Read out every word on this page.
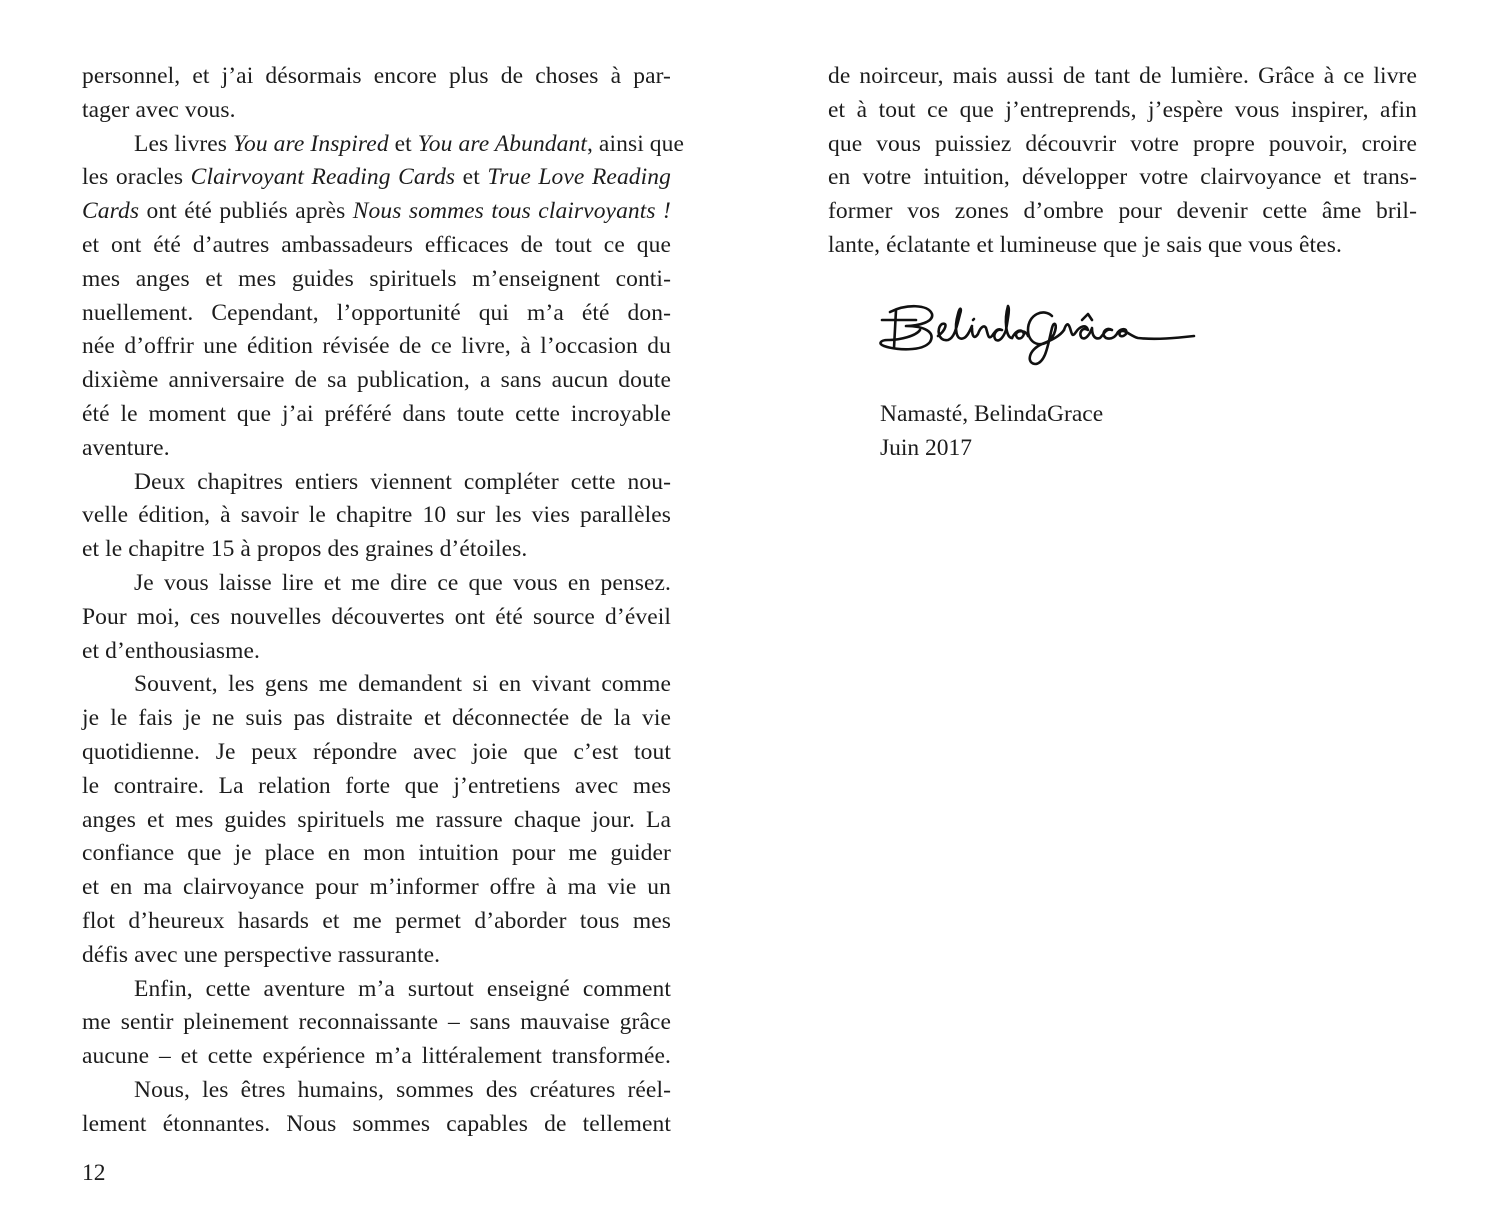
personnel, et j’ai désormais encore plus de choses à par-
tager avec vous.
Les livres You are Inspired et You are Abundant, ainsi que
les oracles Clairvoyant Reading Cards et True Love Reading
Cards ont été publiés après Nous sommes tous clairvoyants !
et ont été d’autres ambassadeurs efficaces de tout ce que
mes anges et mes guides spirituels m’enseignent conti-
nuellement. Cependant, l’opportunité qui m’a été don-
née d’offrir une édition révisée de ce livre, à l’occasion du
dixième anniversaire de sa publication, a sans aucun doute
été le moment que j’ai préféré dans toute cette incroyable
aventure.
Deux chapitres entiers viennent compléter cette nou-
velle édition, à savoir le chapitre 10 sur les vies parallèles
et le chapitre 15 à propos des graines d’étoiles.
Je vous laisse lire et me dire ce que vous en pensez.
Pour moi, ces nouvelles découvertes ont été source d’éveil
et d’enthousiasme.
Souvent, les gens me demandent si en vivant comme
je le fais je ne suis pas distraite et déconnectée de la vie
quotidienne. Je peux répondre avec joie que c’est tout
le contraire. La relation forte que j’entretiens avec mes
anges et mes guides spirituels me rassure chaque jour. La
confiance que je place en mon intuition pour me guider
et en ma clairvoyance pour m’informer offre à ma vie un
flot d’heureux hasards et me permet d’aborder tous mes
défis avec une perspective rassurante.
Enfin, cette aventure m’a surtout enseigné comment
me sentir pleinement reconnaissante – sans mauvaise grâce
aucune – et cette expérience m’a littéralement transformée.
Nous, les êtres humains, sommes des créatures réel-
lement étonnantes. Nous sommes capables de tellement
de noirceur, mais aussi de tant de lumière. Grâce à ce livre
et à tout ce que j’entreprends, j’espère vous inspirer, afin
que vous puissiez découvrir votre propre pouvoir, croire
en votre intuition, développer votre clairvoyance et trans-
former vos zones d’ombre pour devenir cette âme bril-
lante, éclatante et lumineuse que je sais que vous êtes.
Namasté, BelindaGrace
Juin 2017
12
